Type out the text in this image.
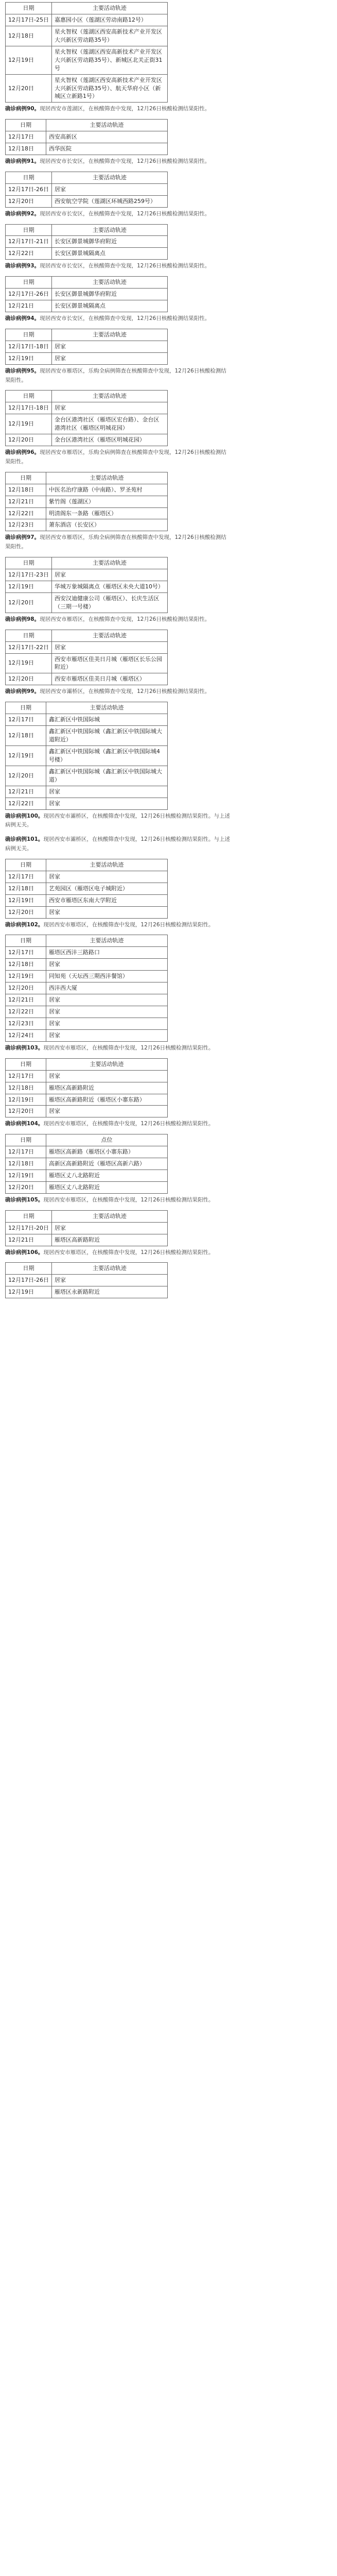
日期	主要活动轨迹
12月17日-25日	嘉惠园小区（莲湖区劳动南路12号）
12月18日	星火智权（莲湖区西安高新技术产业开发区大兴新区劳动路35号）
12月19日	星火智权（莲湖区西安高新技术产业开发区大兴新区劳动路35号）、新城区北关正街31号
12月20日	星火智权（莲湖区西安高新技术产业开发区大兴新区劳动路35号）、航天华府小区（新城区立新路1号）
确诊病例90。现居西安市莲湖区，在核酸筛查中发现，12月26日核酸检测结果阳性。
日期	主要活动轨迹
12月17日	西安高新区
12月18日	西华医院
确诊病例91。现居西安市长安区，在核酸筛查中发现，12月26日核酸检测结果阳性。
日期	主要活动轨迹
12月17日-26日	居家
12月20日	西安航空学院（莲湖区环城西路259号）
确诊病例92。现居西安市长安区，在核酸筛查中发现，12月26日核酸检测结果阳性。
日期	主要活动轨迹
12月17日-21日	长安区御景城御华府附近
12月22日	长安区御景城隔离点
确诊病例93。现居西安市长安区，在核酸筛查中发现，12月26日核酸检测结果阳性。
日期	主要活动轨迹
12月17日-26日	长安区御景城御华府附近
12月21日	长安区御景城隔离点
确诊病例94。现居西安市长安区，在核酸筛查中发现，12月26日核酸检测结果阳性。
日期	主要活动轨迹
12月17日-18日	居家
12月19日	居家
确诊病例95。现居西安市雁塔区，乐购全病例筛查在核酸筛查中发现，12月26日核酸检测结果阳性。
日期	主要活动轨迹
12月17日-18日	居家
12月19日	金台区港湾社区（雁塔区宏台路）、金台区港湾社区（雁塔区明城花园）
12月20日	金台区港湾社区（雁塔区明城花园）
确诊病例96。现居西安市雁塔区，乐购全病例筛查在核酸筛查中发现，12月26日核酸检测结果阳性。
日期	主要活动轨迹
12月18日	中医名治疗康路（中南路）、罗圣苑村
12月21日	紫竹阁（莲湖区）
12月22日	明清阁东一条路（雁塔区）
12月23日	萧东酒店（长安区）
确诊病例97。现居西安市雁塔区，乐购全病例筛查在核酸筛查中发现，12月26日核酸检测结果阳性。
日期	主要活动轨迹
12月17日-23日	居家
12月19日	华城万象城隔离点（雁塔区未央大道10号）
12月20日	西安汉迪健康公司（雁塔区）、长庆生活区（三期一号楼）
确诊病例98。现居西安市雁塔区，在核酸筛查中发现，12月26日核酸检测结果阳性。
日期	主要活动轨迹
12月17日-22日	居家
12月19日	西安市雁塔区佳美日月城（雁塔区长乐公园附近）
12月20日	西安市雁塔区佳美日月城（雁塔区）
确诊病例99。现居西安市灞桥区，在核酸筛查中发现，12月26日核酸检测结果阳性。
日期	主要活动轨迹
12月17日	鑫汇新区中铁国际城
12月18日	鑫汇新区中铁国际城（鑫汇新区中铁国际城大道附近）
12月19日	鑫汇新区中铁国际城（鑫汇新区中铁国际城4号楼）
12月20日	鑫汇新区中铁国际城（鑫汇新区中铁国际城大道）
12月21日	居家
12月22日	居家
确诊病例100。现居西安市灞桥区，在核酸筛查中发现，12月26日核酸检测结果阳性。与上述病例无关。
确诊病例101。现居西安市灞桥区，在核酸筛查中发现，12月26日核酸检测结果阳性。与上述病例无关。
日期	主要活动轨迹
12月17日	居家
12月18日	艺苑园区（雁塔区电子城附近）
12月19日	西安市雁塔区东南大学附近
12月20日	居家
确诊病例102。现居西安市雁塔区，在核酸筛查中发现，12月26日核酸检测结果阳性。
日期	主要活动轨迹
12月17日	雁塔区西沣三路路口
12月18日	居家
12月19日	同知苑（天坛西三期西沣餐馆）
12月20日	西沣西大厦
12月21日	居家
12月22日	居家
12月23日	居家
12月24日	居家
确诊病例103。现居西安市雁塔区，在核酸筛查中发现，12月26日核酸检测结果阳性。
日期	主要活动轨迹
12月17日	居家
12月18日	雁塔区高新路附近
12月19日	雁塔区高新路附近（雁塔区小寨东路）
12月20日	居家
确诊病例104。现居西安市雁塔区，在核酸筛查中发现，12月26日核酸检测结果阳性。
日期	点位
12月17日	雁塔区高新路（雁塔区小寨东路）
12月18日	高新区高新路附近（雁塔区高新六路）
12月19日	雁塔区丈八北路附近
12月20日	雁塔区丈八北路附近
确诊病例105。现居西安市雁塔区，在核酸筛查中发现，12月26日核酸检测结果阳性。
日期	主要活动轨迹
12月17日-20日	居家
12月21日	雁塔区高新路附近
确诊病例106。现居西安市雁塔区，在核酸筛查中发现，12月26日核酸检测结果阳性。
日期	主要活动轨迹
12月17日-26日	居家
12月19日	雁塔区永新路附近
